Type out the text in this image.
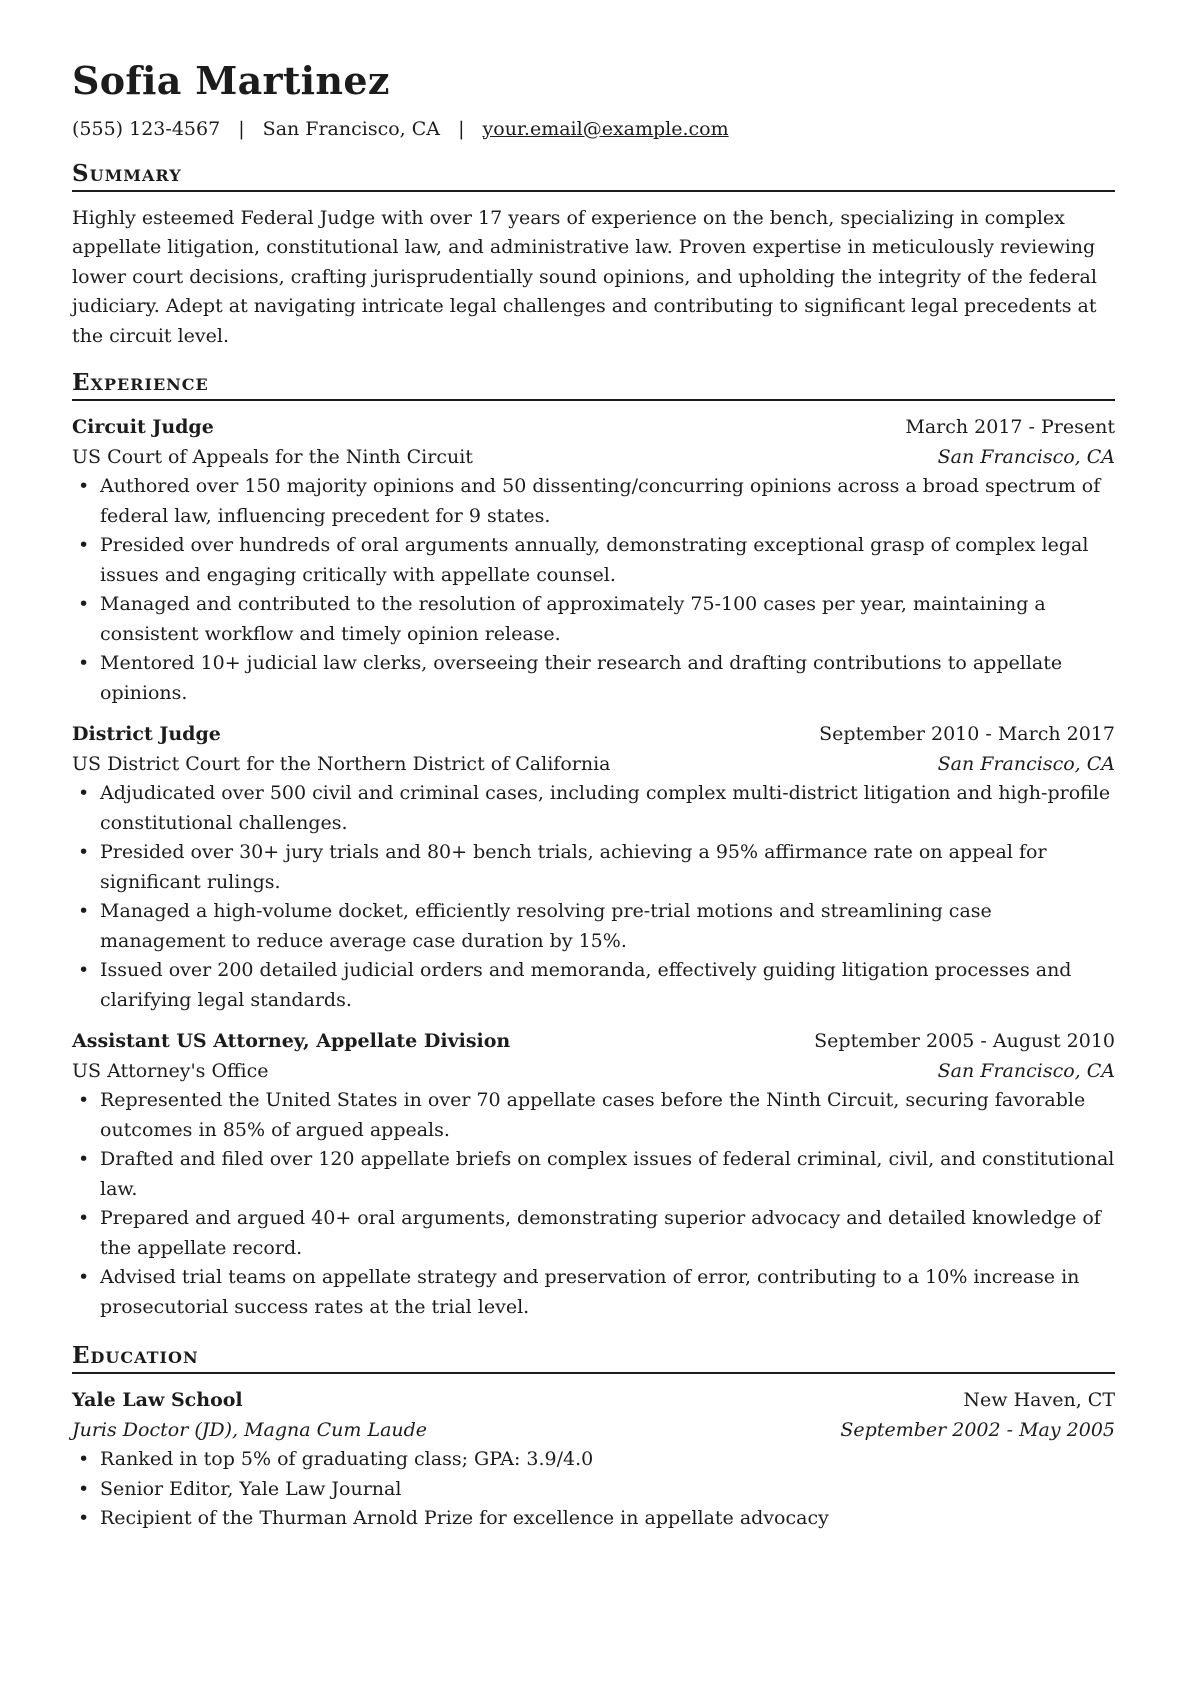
Sofia Martinez
(555) 123-4567 | San Francisco, CA | your.email@example.com
Summary

Highly esteemed Federal Judge with over 17 years of experience on the bench, specializing in complex appellate litigation, constitutional law, and administrative law. Proven expertise in meticulously reviewing lower court decisions, crafting jurisprudentially sound opinions, and upholding the integrity of the federal judiciary. Adept at navigating intricate legal challenges and contributing to significant legal precedents at the circuit level.

Experience
Circuit Judge	March 2017 - Present
US Court of Appeals for the Ninth Circuit	San Francisco, CA
• Authored over 150 majority opinions and 50 dissenting/concurring opinions across a broad spectrum of federal law, influencing precedent for 9 states.
• Presided over hundreds of oral arguments annually, demonstrating exceptional grasp of complex legal issues and engaging critically with appellate counsel.
• Managed and contributed to the resolution of approximately 75-100 cases per year, maintaining a consistent workflow and timely opinion release.
• Mentored 10+ judicial law clerks, overseeing their research and drafting contributions to appellate opinions.
District Judge	September 2010 - March 2017
US District Court for the Northern District of California	San Francisco, CA
• Adjudicated over 500 civil and criminal cases, including complex multi-district litigation and high-profile constitutional challenges.
• Presided over 30+ jury trials and 80+ bench trials, achieving a 95% affirmance rate on appeal for significant rulings.
• Managed a high-volume docket, efficiently resolving pre-trial motions and streamlining case management to reduce average case duration by 15%.
• Issued over 200 detailed judicial orders and memoranda, effectively guiding litigation processes and clarifying legal standards.
Assistant US Attorney, Appellate Division	September 2005 - August 2010
US Attorney's Office	San Francisco, CA
• Represented the United States in over 70 appellate cases before the Ninth Circuit, securing favorable outcomes in 85% of argued appeals.
• Drafted and filed over 120 appellate briefs on complex issues of federal criminal, civil, and constitutional law.
• Prepared and argued 40+ oral arguments, demonstrating superior advocacy and detailed knowledge of the appellate record.
• Advised trial teams on appellate strategy and preservation of error, contributing to a 10% increase in prosecutorial success rates at the trial level.
Education
Yale Law School	New Haven, CT
Juris Doctor (JD), Magna Cum Laude	September 2002 - May 2005
• Ranked in top 5% of graduating class; GPA: 3.9/4.0
• Senior Editor, Yale Law Journal
• Recipient of the Thurman Arnold Prize for excellence in appellate advocacy
